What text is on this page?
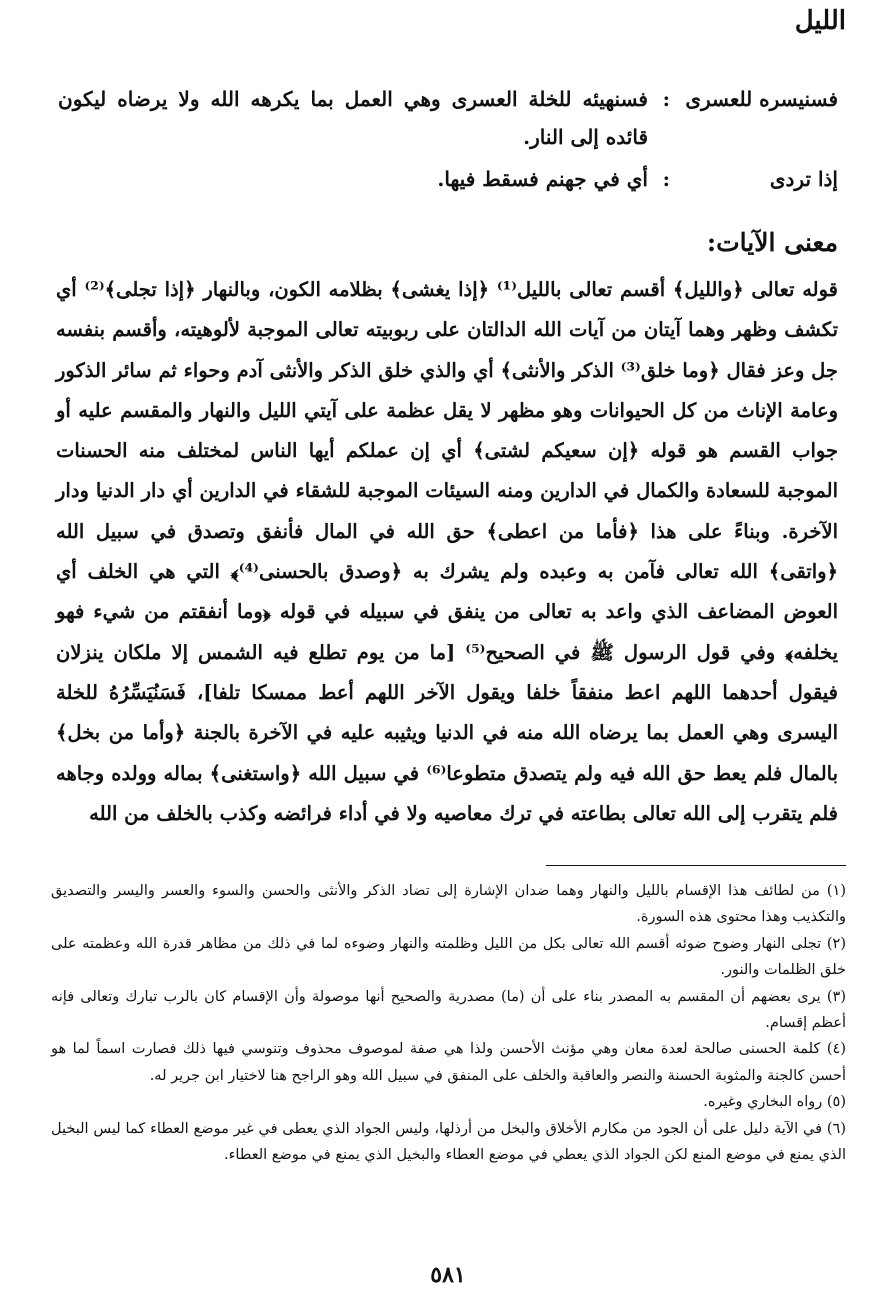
الليل
فسنيسره للعسرى
:
فسنهيئه للخلة العسرى وهي العمل بما يكرهه الله ولا يرضاه ليكون قائده إلى النار.
إذا تردى
:
أي في جهنم فسقط فيها.
معنى الآيات:
قوله تعالى ﴿والليل﴾ أقسم تعالى بالليل⁽¹⁾ ﴿إذا يغشى﴾ بظلامه الكون، وبالنهار ﴿إذا تجلى﴾⁽²⁾ أي تكشف وظهر وهما آيتان من آيات الله الدالتان على ربوبيته تعالى الموجبة لألوهيته، وأقسم بنفسه جل وعز فقال ﴿وما خلق⁽³⁾ الذكر والأنثى﴾ أي والذي خلق الذكر والأنثى آدم وحواء ثم سائر الذكور وعامة الإناث من كل الحيوانات وهو مظهر لا يقل عظمة على آيتي الليل والنهار والمقسم عليه أو جواب القسم هو قوله ﴿إن سعيكم لشتى﴾ أي إن عملكم أيها الناس لمختلف منه الحسنات الموجبة للسعادة والكمال في الدارين ومنه السيئات الموجبة للشقاء في الدارين أي دار الدنيا ودار الآخرة. وبناءً على هذا ﴿فأما من اعطى﴾ حق الله في المال فأنفق وتصدق في سبيل الله ﴿واتقى﴾ الله تعالى فآمن به وعبده ولم يشرك به ﴿وصدق بالحسنى⁽⁴⁾﴾ التي هي الخلف أي العوض المضاعف الذي واعد به تعالى من ينفق في سبيله في قوله ﴿وما أنفقتم من شيء فهو يخلفه﴾ وفي قول الرسول ﷺ في الصحيح⁽⁵⁾ [ما من يوم تطلع فيه الشمس إلا ملكان ينزلان فيقول أحدهما اللهم اعط منفقاً خلفا ويقول الآخر اللهم أعط ممسكا تلفا]، فَسَنُيَسِّرُهُ للخلة اليسرى وهي العمل بما يرضاه الله منه في الدنيا ويثيبه عليه في الآخرة بالجنة ﴿وأما من بخل﴾ بالمال فلم يعط حق الله فيه ولم يتصدق متطوعا⁽⁶⁾ في سبيل الله ﴿واستغنى﴾ بماله وولده وجاهه فلم يتقرب إلى الله تعالى بطاعته في ترك معاصيه ولا في أداء فرائضه وكذب بالخلف من الله

(١) من لطائف هذا الإقسام بالليل والنهار وهما ضدان الإشارة إلى تضاد الذكر والأنثى والحسن والسوء والعسر واليسر والتصديق والتكذيب وهذا محتوى هذه السورة.

(٢) تجلى النهار وضوح ضوئه أقسم الله تعالى بكل من الليل وظلمته والنهار وضوءه لما في ذلك من مظاهر قدرة الله وعظمته على خلق الظلمات والنور.

(٣) يرى بعضهم أن المقسم به المصدر بناء على أن (ما) مصدرية والصحيح أنها موصولة وأن الإقسام كان بالرب تبارك وتعالى فإنه أعظم إقسام.

(٤) كلمة الحسنى صالحة لعدة معان وهي مؤنث الأحسن ولذا هي صفة لموصوف محذوف وتنوسي فيها ذلك فصارت اسماً لما هو أحسن كالجنة والمثوبة الحسنة والنصر والعاقبة والخلف على المنفق في سبيل الله وهو الراجح هنا لاختيار ابن جرير له.

(٥) رواه البخاري وغيره.

(٦) في الآية دليل على أن الجود من مكارم الأخلاق والبخل من أرذلها، وليس الجواد الذي يعطى في غير موضع العطاء كما ليس البخيل الذي يمنع في موضع المنع لكن الجواد الذي يعطي في موضع العطاء والبخيل الذي يمنع في موضع العطاء.

٥٨١
